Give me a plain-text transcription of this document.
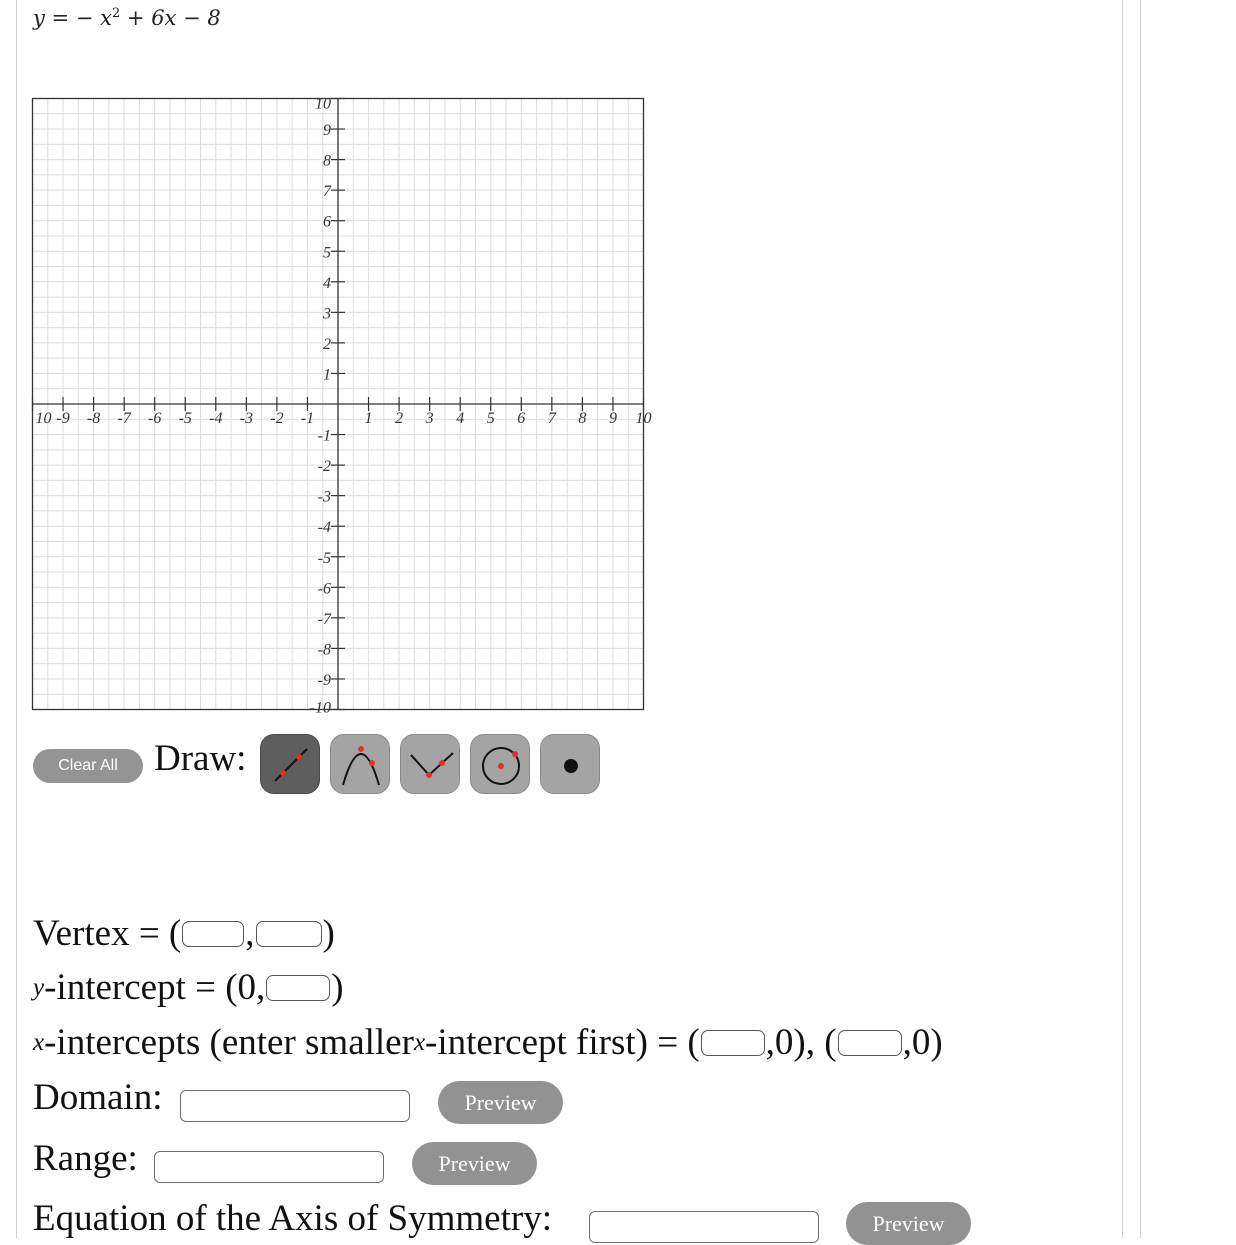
y = − $x^2 + 6x - 8$
10 -9 -8 -7 -6 -5 -4 -3 -2 -1	1 2 3 4 5 6 7 8 9 10
10
9
8
7
6
5
4
3
2
1
-1
-2
-3
-4
-5
-6
-7
-8
-9
-10
Clear All Draw:
Vertex = ( , )
y -intercept = (0, )
x -intercepts (enter smaller x -intercept first) = ( ,0), ( ,0)
Domain:	Preview
Range:	Preview
Equation of the Axis of Symmetry:	Preview
